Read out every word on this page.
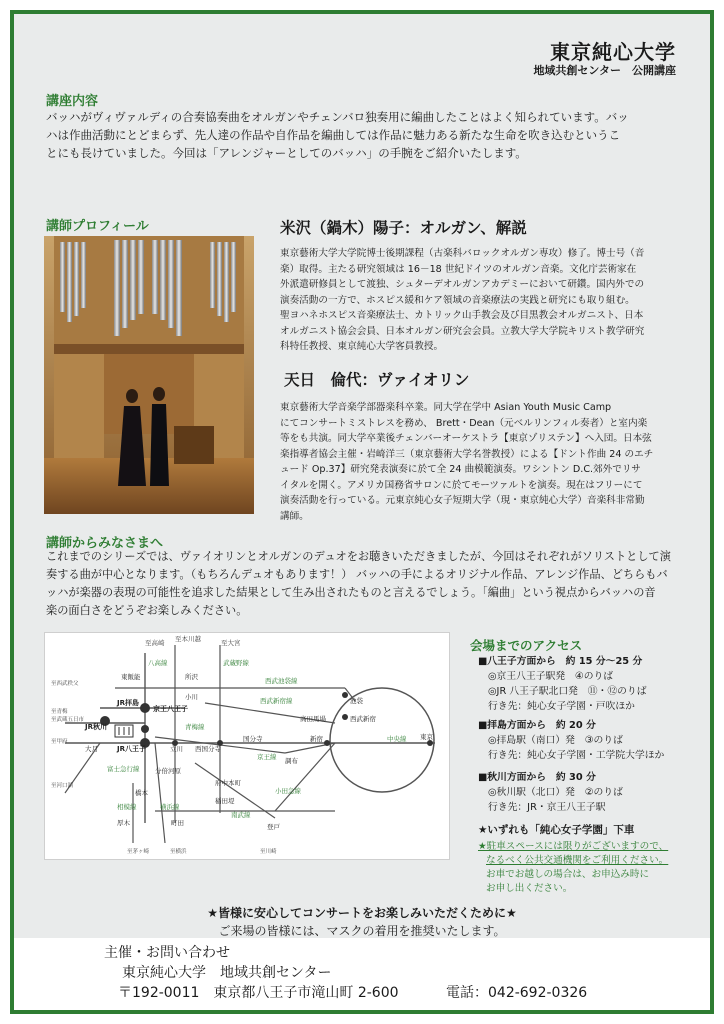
東京純心大学
地域共創センター　公開講座
講座内容
バッハがヴィヴァルディの合奏協奏曲をオルガンやチェンバロ独奏用に編曲したことはよく知られています。バッ
ハは作曲活動にとどまらず、先人達の作品や自作品を編曲しては作品に魅力ある新たな生命を吹き込むというこ
とにも長けていました。今回は「アレンジャーとしてのバッハ」の手腕をご紹介いたします。
講師プロフィール	米沢（鍋木）陽子：オルガン、解説
東京藝術大学大学院博士後期課程（古楽科バロックオルガン専攻）修了。博士号（音
楽）取得。主たる研究領域は 16－18 世紀ドイツのオルガン音楽。文化庁芸術家在
外派遣研修員として渡独、シュターデオルガンアカデミーにおいて研鑽。国内外での
演奏活動の一方で、ホスピス緩和ケア領域の音楽療法の実践と研究にも取り組む。
聖ヨハネホスピス音楽療法士、カトリック山手教会及び目黒教会オルガニスト、日本
オルガニスト協会会員、日本オルガン研究会会員。立教大学大学院キリスト教学研究
科特任教授、東京純心大学客員教授。
天日　倫代：ヴァイオリン
東京藝術大学音楽学部器楽科卒業。同大学在学中 Asian Youth Music Camp
にてコンサートミストレスを務め、 Brett・Dean（元ベルリンフィル奏者）と室内楽
等をも共演。同大学卒業後チェンバーオーケストラ【東京ゾリステン】へ入団。日本弦
楽指導者協会主催・岩崎洋三（東京藝術大学名誉教授）による【ドント作曲 24 のエチ
ュード Op.37】研究発表演奏に於て全 24 曲模範演奏。ワシントン D.C.郊外でリサ
イタルを開く。アメリカ国務省サロンに於てモーツァルトを演奏。現在はフリーにて
演奏活動を行っている。元東京純心女子短期大学（現・東京純心大学）音楽科非常勤
講師。
講師からみなさまへ
これまでのシリーズでは、ヴァイオリンとオルガンのデュオをお聴きいただきましたが、今回はそれぞれがソリストとして演
奏する曲が中心となります。（もちろんデュオもあります！） バッハの手によるオリジナル作品、アレンジ作品、どちらもバ
ッハが楽器の表現の可能性を追求した結果として生み出されたものと言えるでしょう。「編曲」という視点からバッハの音
楽の面白さをどうぞお楽しみください。
至高崎 至本川越	至大宮
八高線	武蔵野線
東飯能	所沢	西武池袋線
至西武秩父
小川	西武新宿線	池袋
JR拝島
至青梅
至武蔵五日市
京王八王子
高田馬場	西武新宿
JR秋川	青梅線
至甲府
大月	JR八王子	立川 西国分寺
国分寺	新宿	中央線 東京
富士急行線 分倍河原
府中本町
京王線 調布
至河口湖
小田急線
橋本
稲田堤
相模線	横浜線
南武線
厚木	町田	登戸
至茅ヶ崎	至横浜	至川崎
会場までのアクセス
■八王子方面から　約 15 分～25 分
◎京王八王子駅発　④のりば
◎JR 八王子駅北口発　⑪・⑫のりば
行き先：純心女子学園・戸吹ほか
■拝島方面から　約 20 分
◎拝島駅（南口）発　③のりば
行き先：純心女子学園・工学院大学ほか
■秋川方面から　約 30 分
◎秋川駅（北口）発　②のりば
行き先：JR・京王八王子駅
★いずれも「純心女子学園」下車
★駐車スペースには限りがございますので、
なるべく公共交通機関をご利用ください。
お車でお越しの場合は、お申込み時に
お申し出ください。
★皆様に安心してコンサートをお楽しみいただくために★
ご来場の皆様には、マスクの着用を推奨いたします。
主催・お問い合わせ
東京純心大学　地域共創センター
〒192-0011　東京都八王子市滝山町 2-600	電話：042-692-0326
